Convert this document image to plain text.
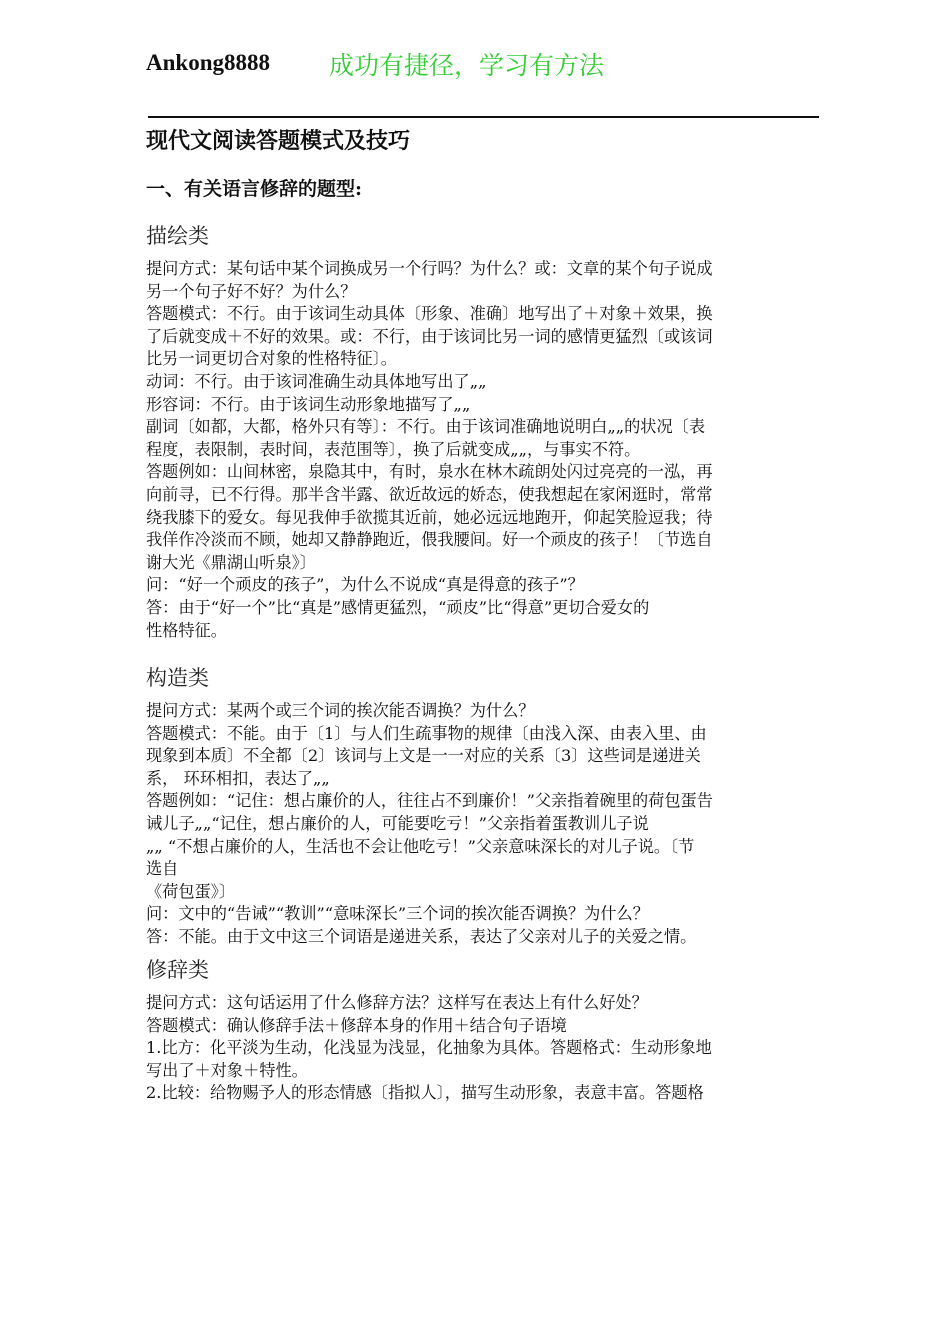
Ankong8888 成功有捷径，学习有方法
现代文阅读答题模式及技巧
一、有关语言修辞的题型:
描绘类
提问方式：某句话中某个词换成另一个行吗？为什么？或：文章的某个句子说成
另一个句子好不好？为什么？
答题模式：不行。由于该词生动具体〔形象、准确〕地写出了＋对象＋效果，换
了后就变成＋不好的效果。或：不行，由于该词比另一词的感情更猛烈〔或该词
比另一词更切合对象的性格特征〕。
动词：不行。由于该词准确生动具体地写出了„„
形容词：不行。由于该词生动形象地描写了„„
副词〔如都，大都，格外只有等〕：不行。由于该词准确地说明白„„的状况〔表
程度，表限制，表时间，表范围等〕，换了后就变成„„，与事实不符。
答题例如：山间林密，泉隐其中，有时，泉水在林木疏朗处闪过亮亮的一泓，再
向前寻，已不行得。那半含半露、欲近故远的娇态，使我想起在家闲逛时，常常
绕我膝下的爱女。每见我伸手欲揽其近前，她必远远地跑开，仰起笑脸逗我；待
我佯作冷淡而不顾，她却又静静跑近，偎我腰间。好一个顽皮的孩子！〔节选自
谢大光《鼎湖山听泉》〕
问：“好一个顽皮的孩子”，为什么不说成“真是得意的孩子”？
答：由于“好一个”比“真是”感情更猛烈，“顽皮”比“得意”更切合爱女的
性格特征。
构造类
提问方式：某两个或三个词的挨次能否调换？为什么？
答题模式：不能。由于〔1〕与人们生疏事物的规律〔由浅入深、由表入里、由
现象到本质〕不全都〔2〕该词与上文是一一对应的关系〔3〕这些词是递进关
系， 环环相扣，表达了„„
答题例如：“记住：想占廉价的人，往往占不到廉价！”父亲指着碗里的荷包蛋告
诫儿子„„“记住，想占廉价的人，可能要吃亏！”父亲指着蛋教训儿子说
„„ “不想占廉价的人，生活也不会让他吃亏！”父亲意味深长的对儿子说。〔节
选自
《荷包蛋》〕
问：文中的“告诫”“教训”“意味深长”三个词的挨次能否调换？为什么？
答：不能。由于文中这三个词语是递进关系，表达了父亲对儿子的关爱之情。
修辞类
提问方式：这句话运用了什么修辞方法？这样写在表达上有什么好处？
答题模式：确认修辞手法＋修辞本身的作用＋结合句子语境
1.比方：化平淡为生动，化浅显为浅显，化抽象为具体。答题格式：生动形象地
写出了＋对象＋特性。
2.比较：给物赐予人的形态情感〔指拟人〕，描写生动形象，表意丰富。答题格
